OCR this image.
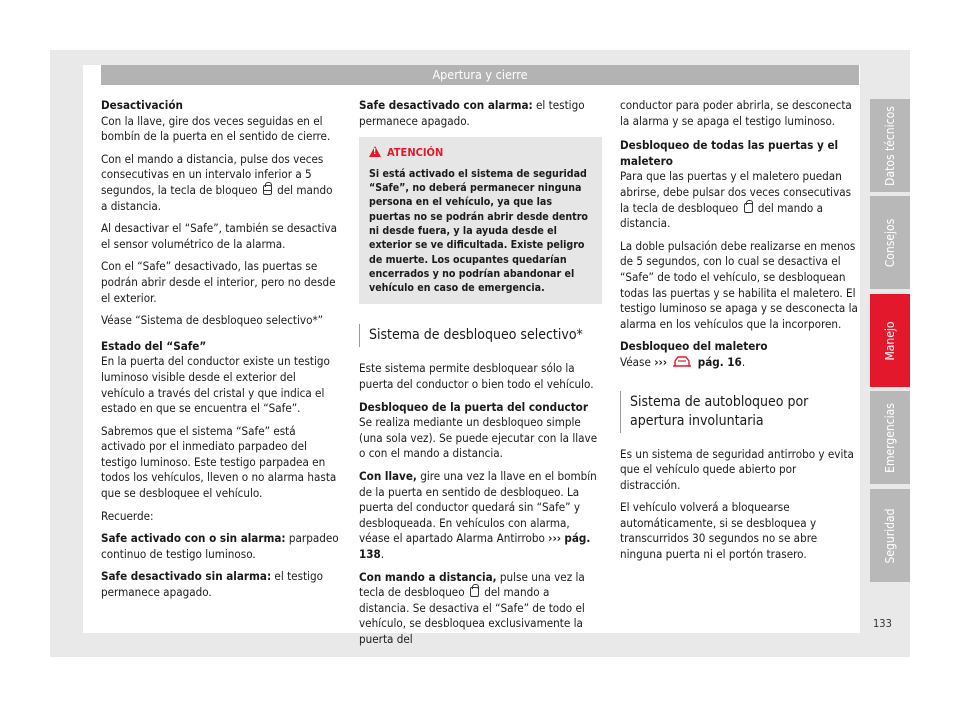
Apertura y cierre

Desactivación

Con la llave, gire dos veces seguidas en el bombín de la puerta en el sentido de cierre.

Con el mando a distancia, pulse dos veces consecutivas en un intervalo inferior a 5 segundos, la tecla de bloqueo del mando a distancia.

Al desactivar el “Safe”, también se desactiva el sensor volumétrico de la alarma.

Con el “Safe” desactivado, las puertas se podrán abrir desde el interior, pero no desde el exterior.

Véase “Sistema de desbloqueo selectivo*”

Estado del “Safe”

En la puerta del conductor existe un testigo luminoso visible desde el exterior del vehículo a través del cristal y que indica el estado en que se encuentra el “Safe”.

Sabremos que el sistema “Safe” está activado por el inmediato parpadeo del testigo luminoso. Este testigo parpadea en todos los vehículos, lleven o no alarma hasta que se desbloquee el vehículo.

Recuerde:

Safe activado con o sin alarma: parpadeo continuo de testigo luminoso.

Safe desactivado sin alarma: el testigo permanece apagado.

Safe desactivado con alarma: el testigo permanece apagado.

!ATENCIÓN
Si está activado el sistema de seguridad “Safe”, no deberá permanecer ninguna persona en el vehículo, ya que las puertas no se podrán abrir desde dentro ni desde fuera, y la ayuda desde el exterior se ve dificultada. Existe peligro de muerte. Los ocupantes quedarían encerrados y no podrían abandonar el vehículo en caso de emergencia.
Sistema de desbloqueo selectivo*

Este sistema permite desbloquear sólo la puerta del conductor o bien todo el vehículo.

Desbloqueo de la puerta del conductor

Se realiza mediante un desbloqueo simple (una sola vez). Se puede ejecutar con la llave o con el mando a distancia.

Con llave, gire una vez la llave en el bombín de la puerta en sentido de desbloqueo. La puerta del conductor quedará sin “Safe” y desbloqueada. En vehículos con alarma, véase el apartado Alarma Antirrobo ››› pág. 138.

Con mando a distancia, pulse una vez la tecla de desbloqueo del mando a distancia. Se desactiva el “Safe” de todo el vehículo, se desbloquea exclusivamente la puerta del

conductor para poder abrirla, se desconecta la alarma y se apaga el testigo luminoso.

Desbloqueo de todas las puertas y el maletero

Para que las puertas y el maletero puedan abrirse, debe pulsar dos veces consecutivas la tecla de desbloqueo del mando a distancia.

La doble pulsación debe realizarse en menos de 5 segundos, con lo cual se desactiva el “Safe” de todo el vehículo, se desbloquean todas las puertas y se habilita el maletero. El testigo luminoso se apaga y se desconecta la alarma en los vehículos que la incorporen.

Desbloqueo del maletero

Véase ›››	pág. 16.

Sistema de autobloqueo por apertura involuntaria

Es un sistema de seguridad antirrobo y evita que el vehículo quede abierto por distracción.

El vehículo volverá a bloquearse automáticamente, si se desbloquea y transcurridos 30 segundos no se abre ninguna puerta ni el portón trasero.

Datos técnicos
Consejos
Manejo
Emergencias
Seguridad
133
